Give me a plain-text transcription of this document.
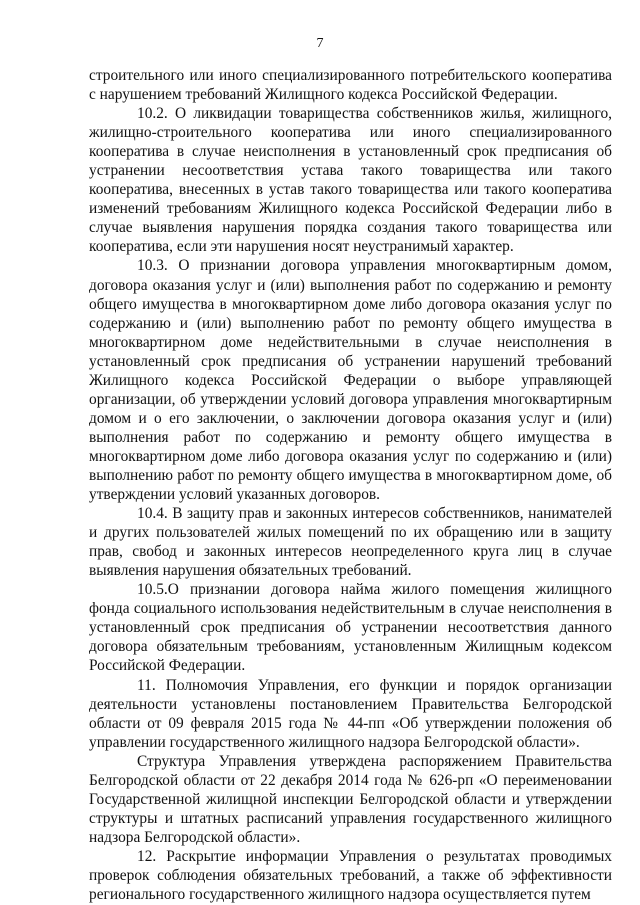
7

строительного или иного специализированного потребительского кооператива с нарушением требований Жилищного кодекса Российской Федерации.

10.2. О ликвидации товарищества собственников жилья, жилищного, жилищно-строительного кооператива или иного специализированного кооператива в случае неисполнения в установленный срок предписания об устранении несоответствия устава такого товарищества или такого кооператива, внесенных в устав такого товарищества или такого кооператива изменений требованиям Жилищного кодекса Российской Федерации либо в случае выявления нарушения порядка создания такого товарищества или кооператива, если эти нарушения носят неустранимый характер.

10.3. О признании договора управления многоквартирным домом, договора оказания услуг и (или) выполнения работ по содержанию и ремонту общего имущества в многоквартирном доме либо договора оказания услуг по содержанию и (или) выполнению работ по ремонту общего имущества в многоквартирном доме недействительными в случае неисполнения в установленный срок предписания об устранении нарушений требований Жилищного кодекса Российской Федерации о выборе управляющей организации, об утверждении условий договора управления многоквартирным домом и о его заключении, о заключении договора оказания услуг и (или) выполнения работ по содержанию и ремонту общего имущества в многоквартирном доме либо договора оказания услуг по содержанию и (или) выполнению работ по ремонту общего имущества в многоквартирном доме, об утверждении условий указанных договоров.

10.4. В защиту прав и законных интересов собственников, нанимателей и других пользователей жилых помещений по их обращению или в защиту прав, свобод и законных интересов неопределенного круга лиц в случае выявления нарушения обязательных требований.

10.5.О признании договора найма жилого помещения жилищного фонда социального использования недействительным в случае неисполнения в установленный срок предписания об устранении несоответствия данного договора обязательным требованиям, установленным Жилищным кодексом Российской Федерации.

11. Полномочия Управления, его функции и порядок организации деятельности установлены постановлением Правительства Белгородской области от 09 февраля 2015 года № 44-пп «Об утверждении положения об управлении государственного жилищного надзора Белгородской области».

Структура Управления утверждена распоряжением Правительства Белгородской области от 22 декабря 2014 года № 626-рп «О переименовании Государственной жилищной инспекции Белгородской области и утверждении структуры и штатных расписаний управления государственного жилищного надзора Белгородской области».

12. Раскрытие информации Управления о результатах проводимых проверок соблюдения обязательных требований, а также об эффективности регионального государственного жилищного надзора осуществляется путем
